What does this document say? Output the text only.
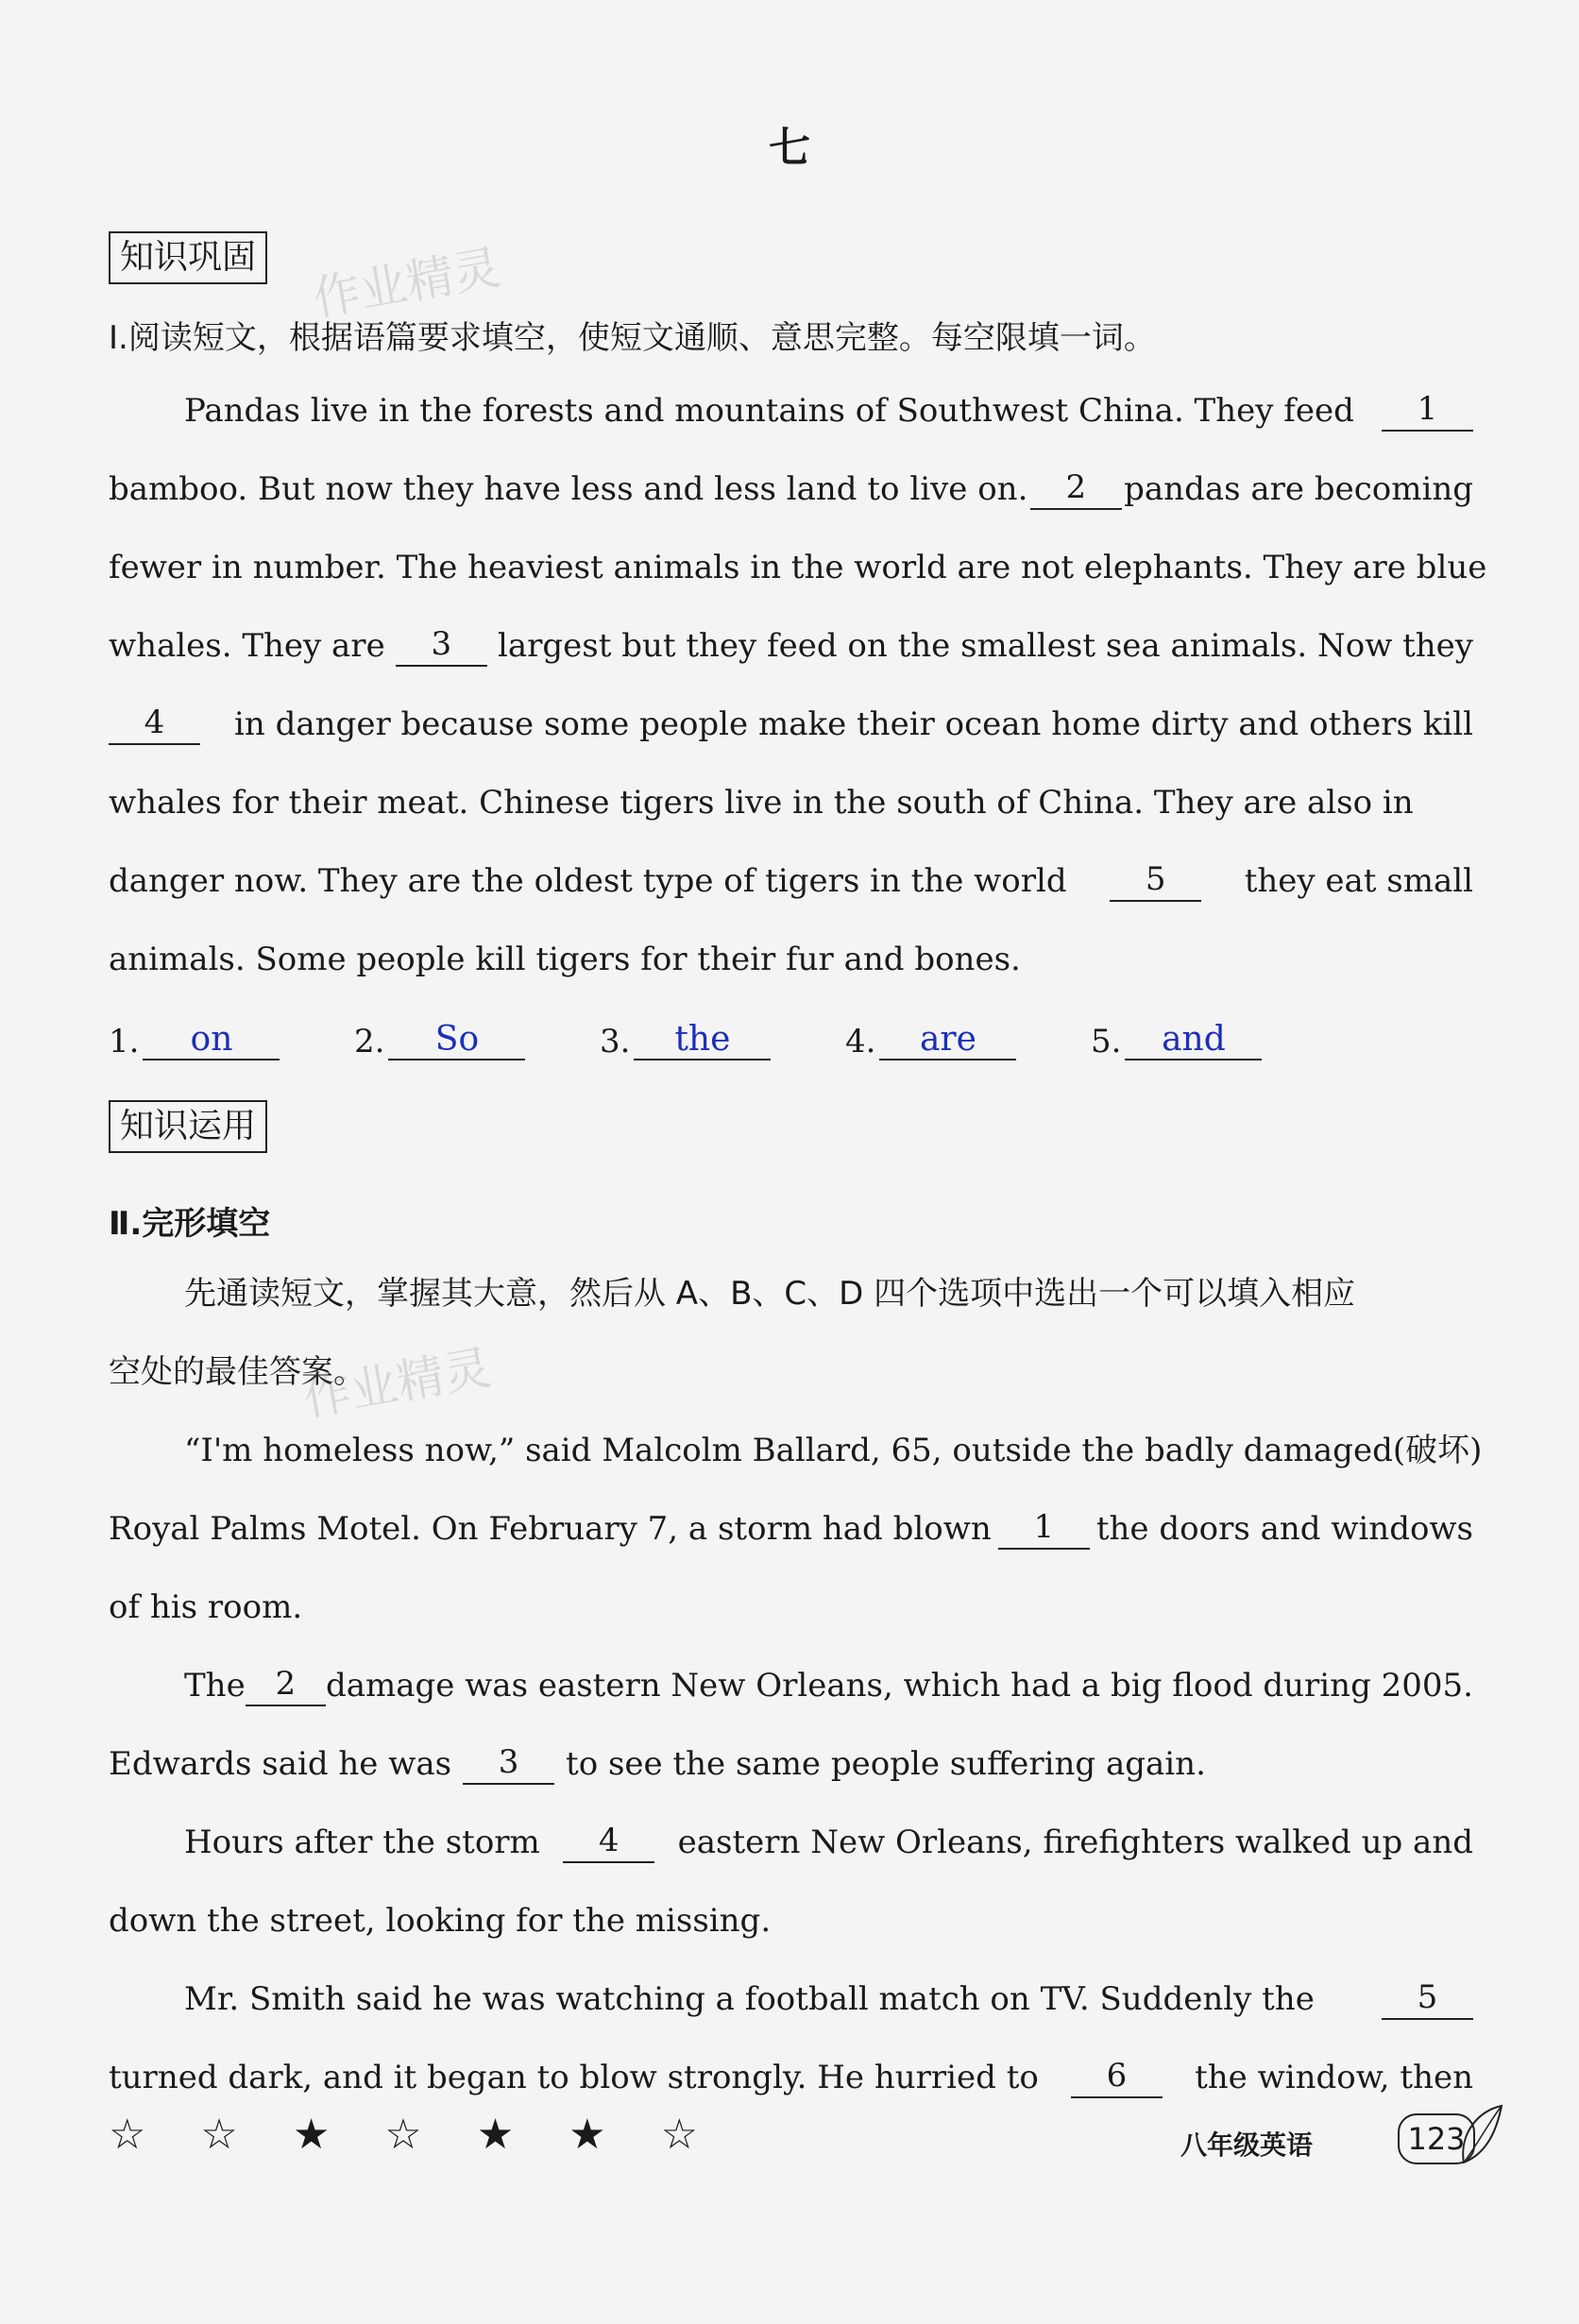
七
知识巩固 作业精灵
Ⅰ.阅读短文，根据语篇要求填空，使短文通顺、意思完整。每空限填一词。
Pandas live in the forests and mountains of Southwest China. They feed	1
bamboo. But now they have less and less land to live on.	2	pandas are becoming
fewer in number. The heaviest animals in the world are not elephants. They are blue
whales. They are	3	largest but they feed on the smallest sea animals. Now they
4	in danger because some people make their ocean home dirty and others kill
whales for their meat. Chinese tigers live in the south of China. They are also in
danger now. They are the oldest type of tigers in the world	5	they eat small
animals. Some people kill tigers for their fur and bones.
1.	on	2.	So	3.	the	4.	are	5.	and
知识运用
Ⅱ.完形填空
先通读短文，掌握其大意，然后从 A、B、C、D 四个选项中选出一个可以填入相应
空处的最佳答案。
作业精灵
“I'm homeless now,” said Malcolm Ballard, 65, outside the badly damaged(破坏)
Royal Palms Motel. On February 7, a storm had blown	1	the doors and windows
of his room.
The 2 damage was eastern New Orleans, which had a big flood during 2005.
Edwards said he was	3	to see the same people suffering again.
Hours after the storm	4	eastern New Orleans, firefighters walked up and
down the street, looking for the missing.
Mr. Smith said he was watching a football match on TV. Suddenly the	5
turned dark, and it began to blow strongly. He hurried to	6	the window, then
☆ ☆ ★ ☆ ★ ★ ☆	八年级英语	123
